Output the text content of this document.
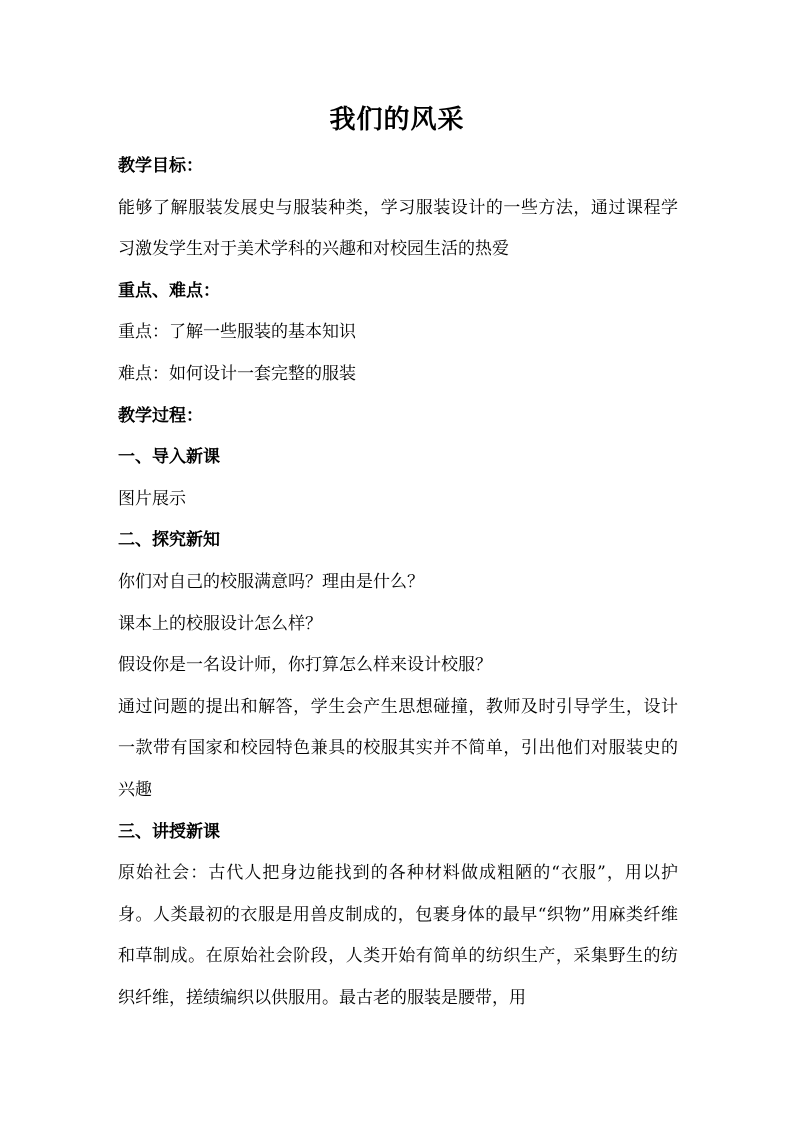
我们的风采

教学目标：

能够了解服装发展史与服装种类，学习服装设计的一些方法，通过课程学习激发学生对于美术学科的兴趣和对校园生活的热爱

重点、难点：

重点：了解一些服装的基本知识

难点：如何设计一套完整的服装

教学过程：

一、导入新课

图片展示

二、探究新知

你们对自己的校服满意吗？理由是什么？

课本上的校服设计怎么样？

假设你是一名设计师，你打算怎么样来设计校服？

通过问题的提出和解答，学生会产生思想碰撞，教师及时引导学生，设计一款带有国家和校园特色兼具的校服其实并不简单，引出他们对服装史的兴趣

三、讲授新课

原始社会：古代人把身边能找到的各种材料做成粗陋的“衣服”，用以护身。人类最初的衣服是用兽皮制成的，包裹身体的最早“织物”用麻类纤维和草制成。在原始社会阶段，人类开始有简单的纺织生产，采集野生的纺织纤维，搓绩编织以供服用。最古老的服装是腰带，用
